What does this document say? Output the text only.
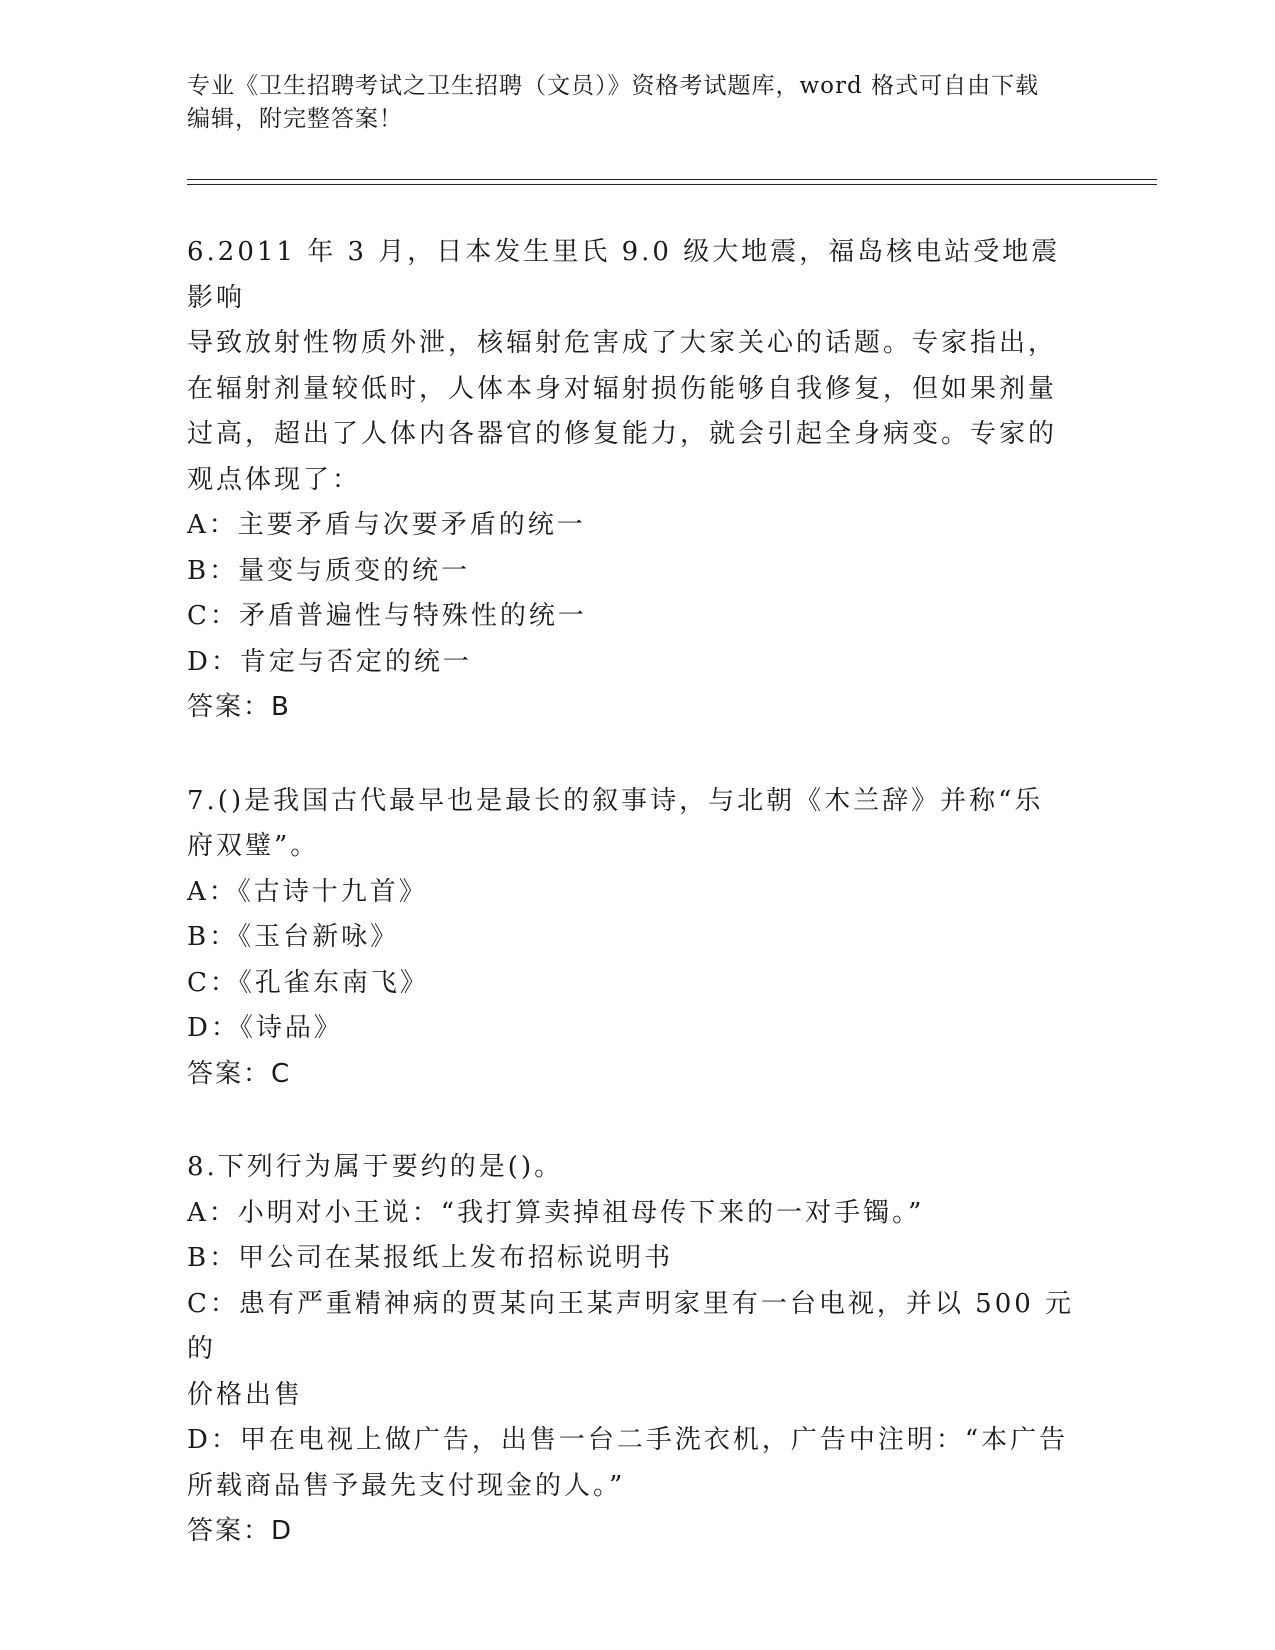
专业《卫生招聘考试之卫生招聘（文员）》资格考试题库，word 格式可自由下载
编辑，附完整答案！

6.2011 年 3 月，日本发生里氏 9.0 级大地震，福岛核电站受地震影响

导致放射性物质外泄，核辐射危害成了大家关心的话题。专家指出，

在辐射剂量较低时，人体本身对辐射损伤能够自我修复，但如果剂量

过高，超出了人体内各器官的修复能力，就会引起全身病变。专家的

观点体现了：

A：主要矛盾与次要矛盾的统一

B：量变与质变的统一

C：矛盾普遍性与特殊性的统一

D：肯定与否定的统一

答案：B

7.()是我国古代最早也是最长的叙事诗，与北朝《木兰辞》并称“乐

府双璧”。

A：《古诗十九首》

B：《玉台新咏》

C：《孔雀东南飞》

D：《诗品》

答案：C

8.下列行为属于要约的是()。

A：小明对小王说：“我打算卖掉祖母传下来的一对手镯。”

B：甲公司在某报纸上发布招标说明书

C：患有严重精神病的贾某向王某声明家里有一台电视，并以 500 元的

价格出售

D：甲在电视上做广告，出售一台二手洗衣机，广告中注明：“本广告

所载商品售予最先支付现金的人。”

答案：D
